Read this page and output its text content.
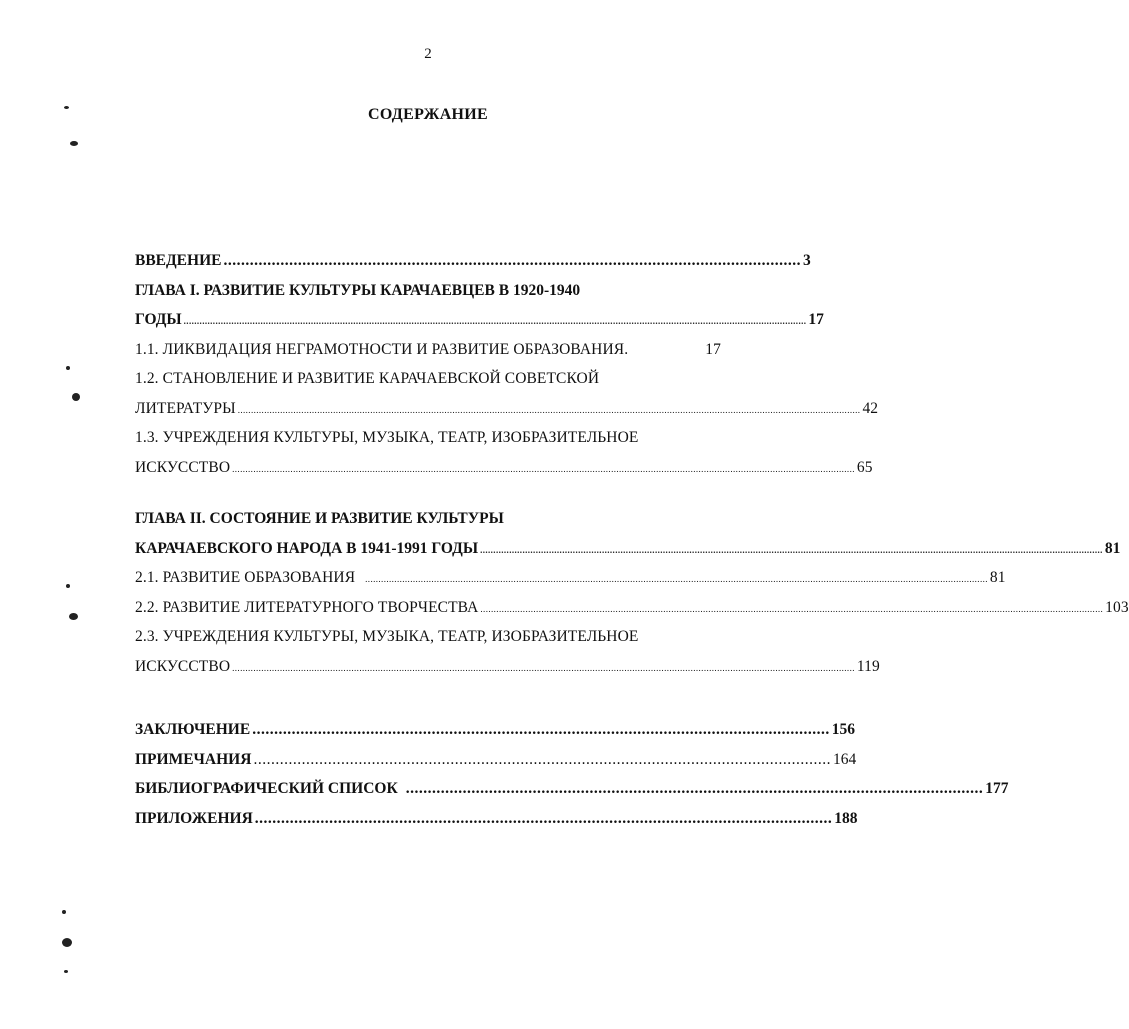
2
СОДЕРЖАНИЕ
ВВЕДЕНИЕ .................................................................................................................................... 3
ГЛАВА I. РАЗВИТИЕ КУЛЬТУРЫ КАРАЧАЕВЦЕВ В 1920-1940
ГОДЫ ........................................................................................................................................................................................................................................... 17
1.1. ЛИКВИДАЦИЯ НЕГРАМОТНОСТИ И РАЗВИТИЕ ОБРАЗОВАНИЯ.	17
1.2. СТАНОВЛЕНИЕ И РАЗВИТИЕ КАРАЧАЕВСКОЙ СОВЕТСКОЙ
ЛИТЕРАТУРЫ ........................................................................................................................................................................................................................................... 42
1.3. УЧРЕЖДЕНИЯ КУЛЬТУРЫ, МУЗЫКА, ТЕАТР, ИЗОБРАЗИТЕЛЬНОЕ
ИСКУССТВО ........................................................................................................................................................................................................................................... 65
ГЛАВА II. СОСТОЯНИЕ И РАЗВИТИЕ КУЛЬТУРЫ
КАРАЧАЕВСКОГО НАРОДА В 1941-1991 ГОДЫ ........................................................................................................................................................................................................................................... 81
2.1. РАЗВИТИЕ ОБРАЗОВАНИЯ ........................................................................................................................................................................................................................................... 81
2.2. РАЗВИТИЕ ЛИТЕРАТУРНОГО ТВОРЧЕСТВА ........................................................................................................................................................................................................................................... 103
2.3. УЧРЕЖДЕНИЯ КУЛЬТУРЫ, МУЗЫКА, ТЕАТР, ИЗОБРАЗИТЕЛЬНОЕ
ИСКУССТВО ........................................................................................................................................................................................................................................... 119
ЗАКЛЮЧЕНИЕ .................................................................................................................................... 156
ПРИМЕЧАНИЯ .................................................................................................................................... 164
БИБЛИОГРАФИЧЕСКИЙ СПИСОК .................................................................................................................................... 177
ПРИЛОЖЕНИЯ .................................................................................................................................... 188
